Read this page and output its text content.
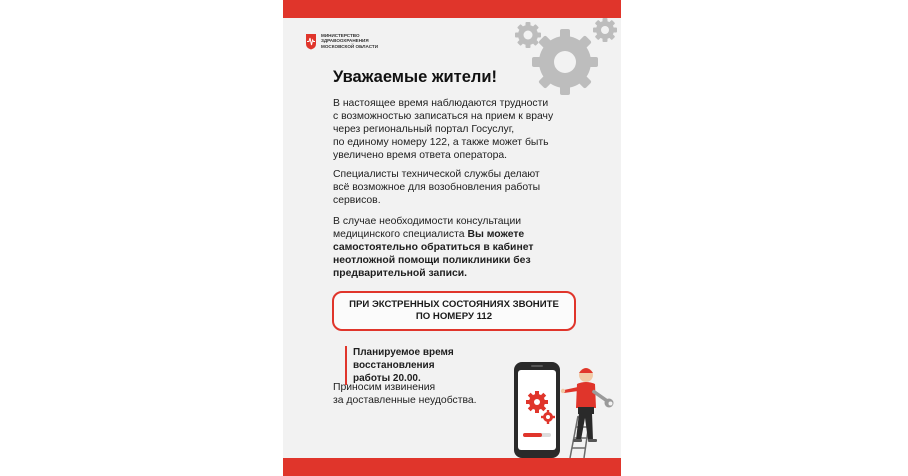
МИНИСТЕРСТВО
ЗДРАВООХРАНЕНИЯ
МОСКОВСКОЙ ОБЛАСТИ
Уважаемые жители!
В настоящее время наблюдаются трудности
с возможностью записаться на прием к врачу
через региональный портал Госуслуг,
по единому номеру 122, а также может быть
увеличено время ответа оператора.
Специалисты технической службы делают
всё возможное для возобновления работы
сервисов.
В случае необходимости консультации
медицинского специалиста Вы можете
самостоятельно обратиться в кабинет
неотложной помощи поликлиники без
предварительной записи.
ПРИ ЭКСТРЕННЫХ СОСТОЯНИЯХ ЗВОНИТЕ
ПО НОМЕРУ 112
Планируемое время восстановления
работы 20.00.
Приносим извинения
за доставленные неудобства.
